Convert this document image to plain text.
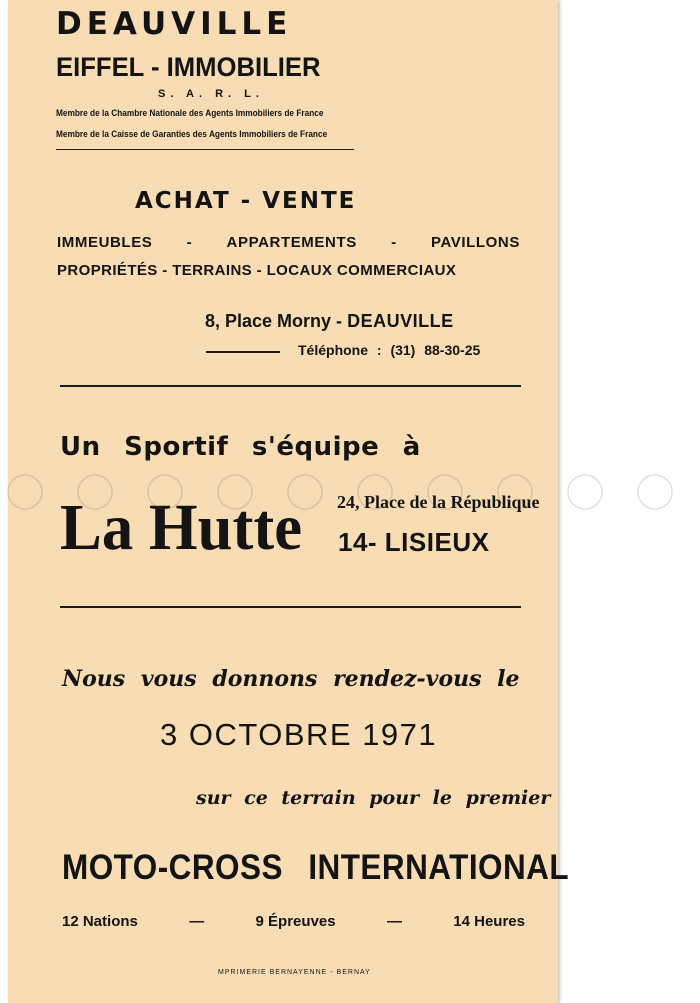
DEAUVILLE
EIFFEL - IMMOBILIER
S. A. R. L.
Membre de la Chambre Nationale des Agents Immobiliers de France
Membre de la Caisse de Garanties des Agents Immobiliers de France
ACHAT - VENTE
IMMEUBLES - APPARTEMENTS - PAVILLONS
PROPRIÉTÉS - TERRAINS - LOCAUX COMMERCIAUX
8, Place Morny - DEAUVILLE
Téléphone : (31) 88-30-25
Un Sportif s'équipe à
La Hutte 24, Place de la République
14- LISIEUX
Nous vous donnons rendez-vous le
3 OCTOBRE 1971
sur ce terrain pour le premier
MOTO-CROSS INTERNATIONAL
12 Nations	—	9 Épreuves	—	14 Heures
MPRIMERIE BERNAYENNE - BERNAY
